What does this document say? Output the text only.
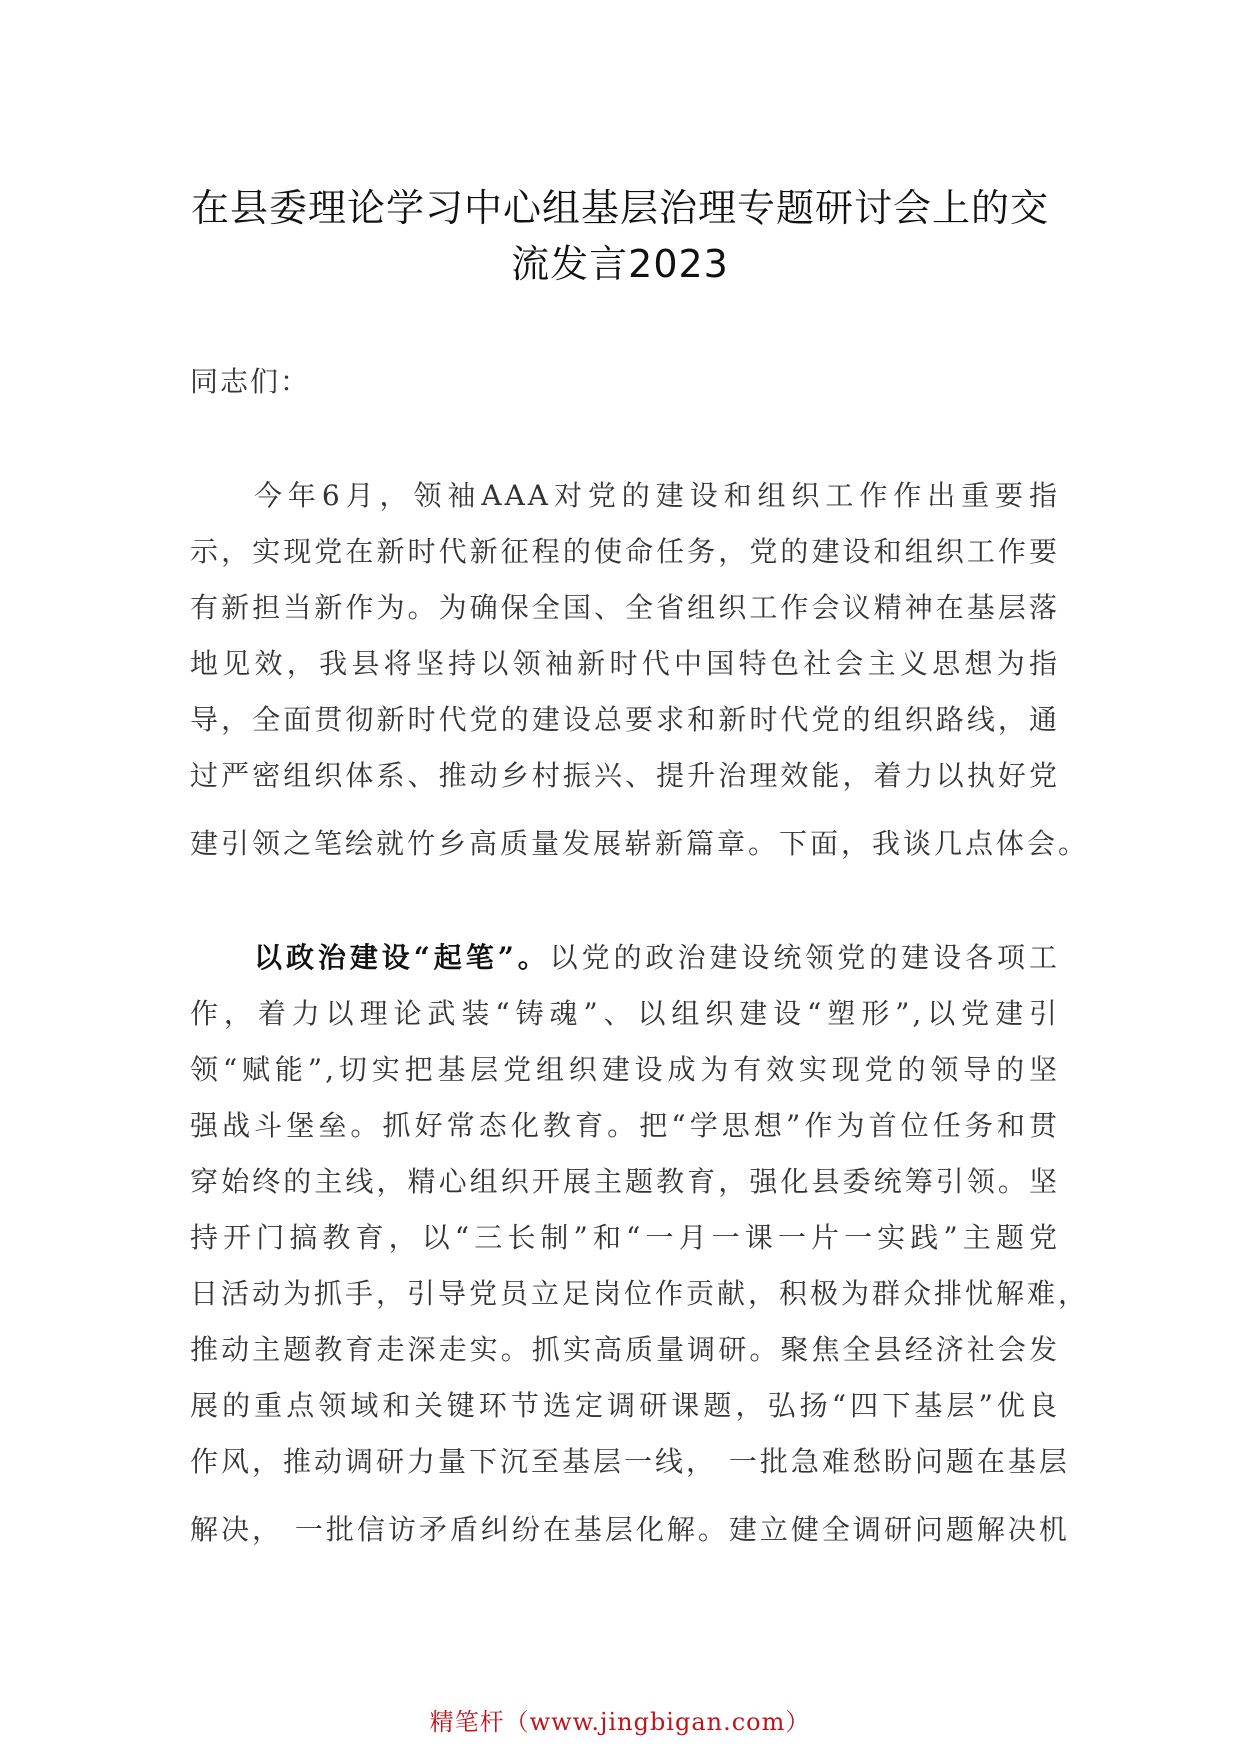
在县委理论学习中心组基层治理专题研讨会上的交
流发言2023
同志们：
今年6月，领袖AAA对党的建设和组织工作作出重要指
示，实现党在新时代新征程的使命任务，党的建设和组织工作要
有新担当新作为。为确保全国、全省组织工作会议精神在基层落
地见效，我县将坚持以领袖新时代中国特色社会主义思想为指
导，全面贯彻新时代党的建设总要求和新时代党的组织路线，通
过严密组织体系、推动乡村振兴、提升治理效能，着力以执好党
建引领之笔绘就竹乡高质量发展崭新篇章。下面，我谈几点体会。
以政治建设“起笔”。以党的政治建设统领党的建设各项工
作，着力以理论武装“铸魂”、以组织建设“塑形”,以党建引
领“赋能”,切实把基层党组织建设成为有效实现党的领导的坚
强战斗堡垒。抓好常态化教育。把“学思想”作为首位任务和贯
穿始终的主线，精心组织开展主题教育，强化县委统筹引领。坚
持开门搞教育，以“三长制”和“一月一课一片一实践”主题党
日活动为抓手，引导党员立足岗位作贡献，积极为群众排忧解难，
推动主题教育走深走实。抓实高质量调研。聚焦全县经济社会发
展的重点领域和关键环节选定调研课题，弘扬“四下基层”优良
作风，推动调研力量下沉至基层一线， 一批急难愁盼问题在基层
解决， 一批信访矛盾纠纷在基层化解。建立健全调研问题解决机
精笔杆（www.jingbigan.com）
